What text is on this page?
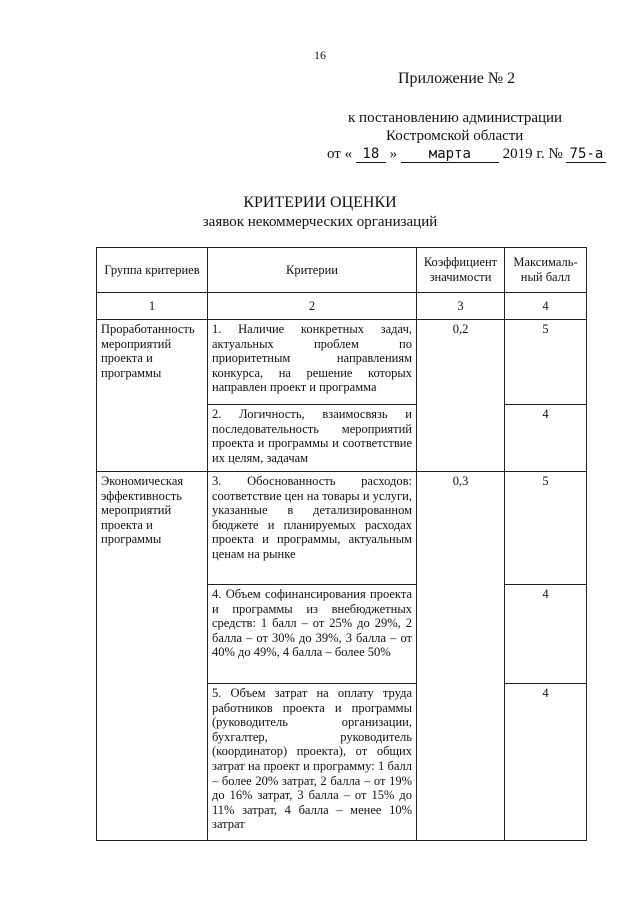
16
Приложение № 2
к постановлению администрации
Костромской области
от « 18 » марта 2019 г. № 75-а
КРИТЕРИИ ОЦЕНКИ
заявок некоммерческих организаций
Группа критериев	Критерии	Коэффициент значимости	Максималь-ный балл
1	2	3	4
Проработанность мероприятий проекта и программы	1. Наличие конкретных задач, актуальных проблем по приоритетным направлениям конкурса, на решение которых направлен проект и программа	0,2	5
	2. Логичность, взаимосвязь и последовательность мероприятий проекта и программы и соответствие их целям, задачам		4
Экономическая эффективность мероприятий проекта и программы	3. Обоснованность расходов: соответствие цен на товары и услуги, указанные в детализированном бюджете и планируемых расходах проекта и программы, актуальным ценам на рынке	0,3	5
	4. Объем софинансирования проекта и программы из внебюджетных средств: 1 балл – от 25% до 29%, 2 балла – от 30% до 39%, 3 балла – от 40% до 49%, 4 балла – более 50%		4
	5. Объем затрат на оплату труда работников проекта и программы (руководитель организации, бухгалтер, руководитель (координатор) проекта), от общих затрат на проект и программу: 1 балл – более 20% затрат, 2 балла – от 19% до 16% затрат, 3 балла – от 15% до 11% затрат, 4 балла – менее 10% затрат		4
